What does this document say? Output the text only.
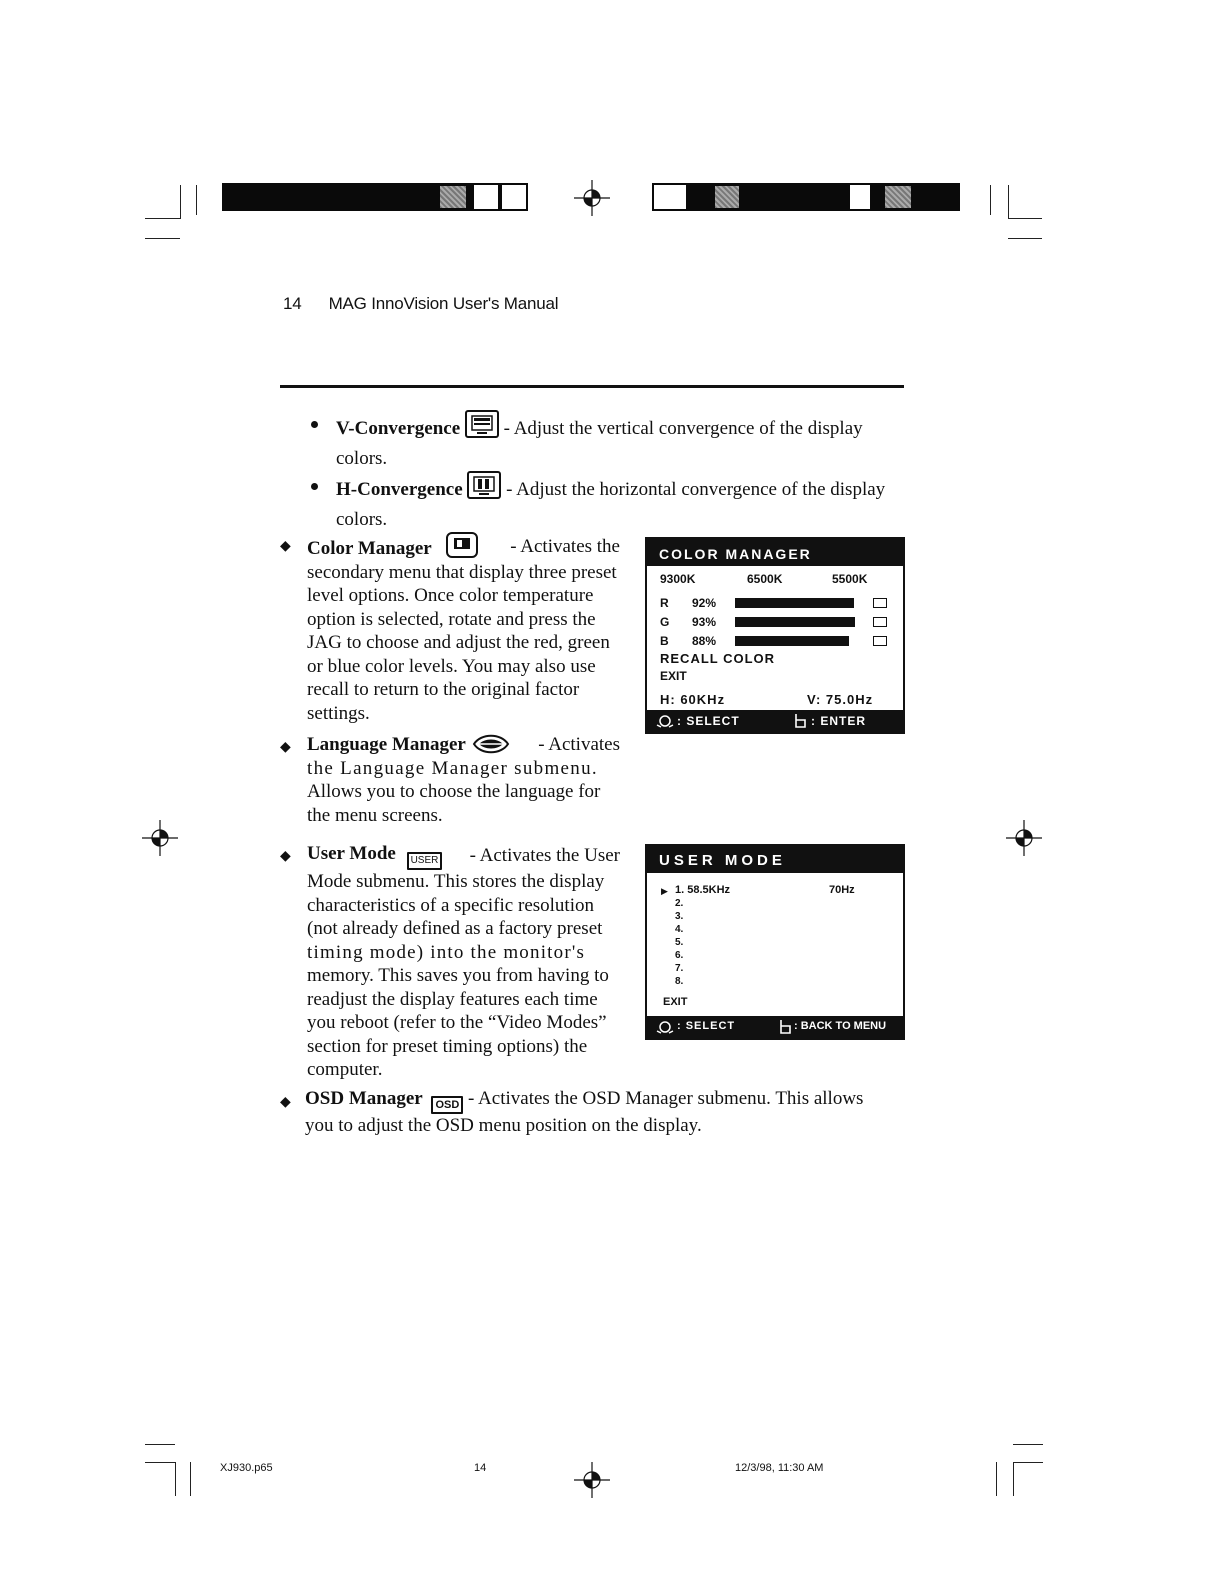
14 MAG InnoVision User's Manual
V-Convergence - Adjust the vertical convergence of the display
colors.
H-Convergence - Adjust the horizontal convergence of the display
colors.
◆ Color Manager	- Activates the
secondary menu that display three preset
level options. Once color temperature
option is selected, rotate and press the
JAG to choose and adjust the red, green
or blue color levels. You may also use
recall to return to the original factor
settings.
COLOR MANAGER
9300K	6500K	5500K
R 92%
G 93%
B 88%
RECALL COLOR
EXIT
H: 60KHz	V: 75.0Hz
: SELECT	: ENTER
◆ Language Manager	- Activates
the Language Manager submenu.
Allows you to choose the language for
the menu screens.
◆ User Mode USER - Activates the User
Mode submenu. This stores the display
characteristics of a specific resolution
(not already defined as a factory preset
timing mode) into the monitor's
memory. This saves you from having to
readjust the display features each time
you reboot (refer to the “Video Modes”
section for preset timing options) the
computer.
USER MODE
▶ 1. 58.5KHz	70Hz
2.
3.
4.
5.
6.
7.
8.
EXIT
: SELECT	: BACK TO MENU
◆ OSD Manager OSD - Activates the OSD Manager submenu. This allows
you to adjust the OSD menu position on the display.
XJ930.p65	14	12/3/98, 11:30 AM
